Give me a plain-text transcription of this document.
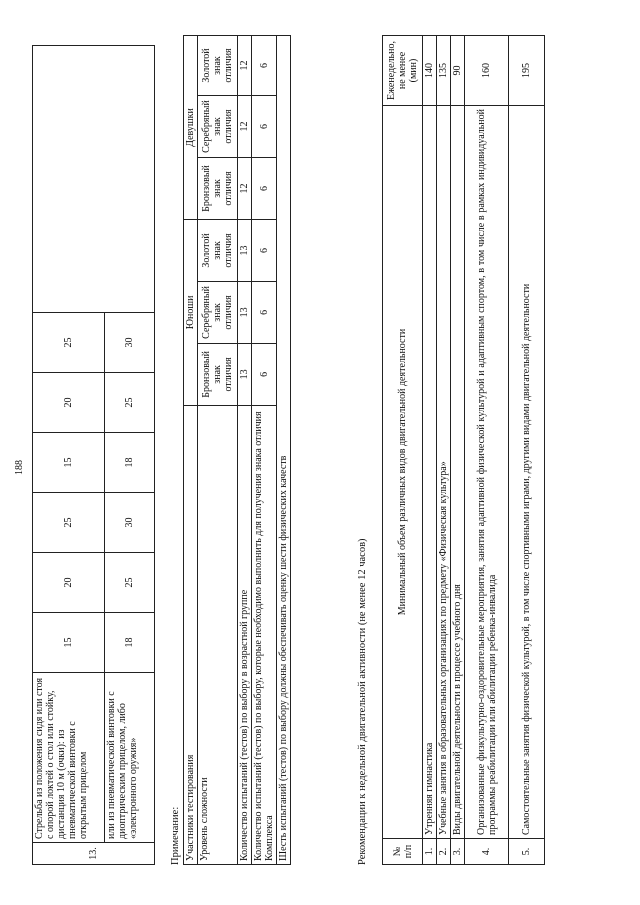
188
13.	Стрельба из положения сидя или стоя с опорой локтей о стол или стойку, дистанция 10 м (очки): из пневматической винтовки с открытым прицелом	15	20	25	15	20	25	
	или из пневматической винтовки с диоптрическим прицелом, либо «электронного оружия»	18	25	30	18	25	30	
Примечание: Участники тестирования	Юноши			Девушки		
Уровень сложности	Бронзовый знак отличия	Серебряный знак отличия	Золотой знак отличия	Бронзовый знак отличия	Серебряный знак отличия	Золотой знак отличия
Количество испытаний (тестов) по выбору в возрастной группе	13	13	13	12	12	12
Количество испытаний (тестов) по выбору, которые необходимо выполнить для получения знака отличия Комплекса	6	6	6	6	6	6
Шесть испытаний (тестов) по выбору должны обеспечивать оценку шести физических качеств							Рекомендации к недельной двигательной активности (не менее 12 часов) № п/п	Минимальный объем различных видов двигательной деятельности	Еженедельно, не менее (мин)
1.	Утренняя гимнастика	140
2.	Учебные занятия в образовательных организациях по предмету «Физическая культура»	135
3.	Виды двигательной деятельности в процессе учебного дня	90
4.	Организованные физкультурно-оздоровительные мероприятия, занятия адаптивной физической культурой и адаптивным спортом, в том числе в рамках индивидуальной программы реабилитации или абилитации ребенка-инвалида	160
5.	Самостоятельные занятия физической культурой, в том числе спортивными играми, другими видами двигательной деятельности	195
